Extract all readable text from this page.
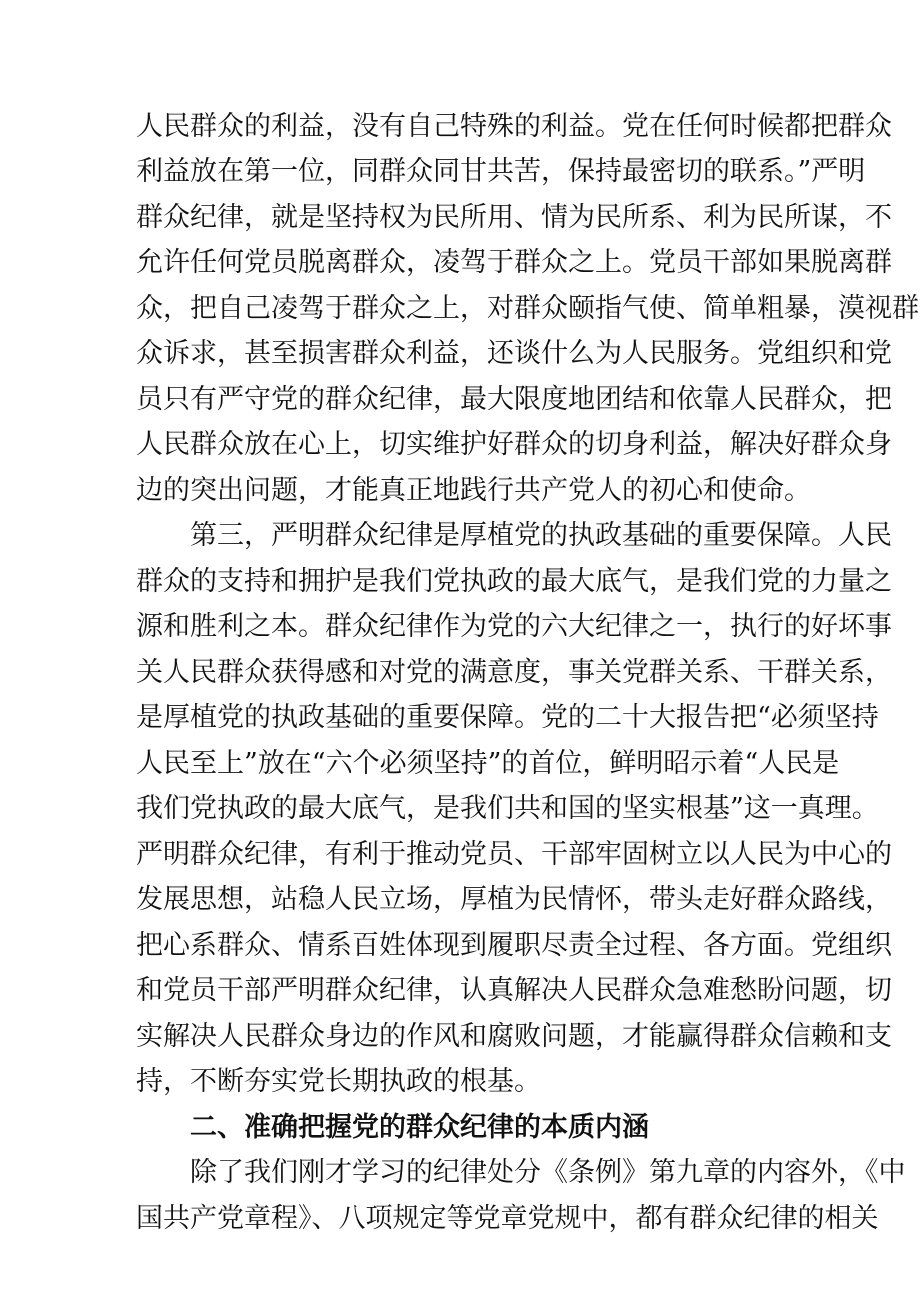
人民群众的利益，没有自己特殊的利益。党在任何时候都把群众
利益放在第一位，同群众同甘共苦，保持最密切的联系。”严明
群众纪律，就是坚持权为民所用、情为民所系、利为民所谋，不
允许任何党员脱离群众，凌驾于群众之上。党员干部如果脱离群
众，把自己凌驾于群众之上，对群众颐指气使、简单粗暴，漠视群
众诉求，甚至损害群众利益，还谈什么为人民服务。党组织和党
员只有严守党的群众纪律，最大限度地团结和依靠人民群众，把
人民群众放在心上，切实维护好群众的切身利益，解决好群众身
边的突出问题，才能真正地践行共产党人的初心和使命。
第三，严明群众纪律是厚植党的执政基础的重要保障。人民
群众的支持和拥护是我们党执政的最大底气，是我们党的力量之
源和胜利之本。群众纪律作为党的六大纪律之一，执行的好坏事
关人民群众获得感和对党的满意度，事关党群关系、干群关系，
是厚植党的执政基础的重要保障。党的二十大报告把“必须坚持
人民至上”放在“六个必须坚持”的首位，鲜明昭示着“人民是
我们党执政的最大底气，是我们共和国的坚实根基”这一真理。
严明群众纪律，有利于推动党员、干部牢固树立以人民为中心的
发展思想，站稳人民立场，厚植为民情怀，带头走好群众路线，
把心系群众、情系百姓体现到履职尽责全过程、各方面。党组织
和党员干部严明群众纪律，认真解决人民群众急难愁盼问题，切
实解决人民群众身边的作风和腐败问题，才能赢得群众信赖和支
持，不断夯实党长期执政的根基。
二、准确把握党的群众纪律的本质内涵
除了我们刚才学习的纪律处分《条例》第九章的内容外，《中
国共产党章程》、八项规定等党章党规中，都有群众纪律的相关
